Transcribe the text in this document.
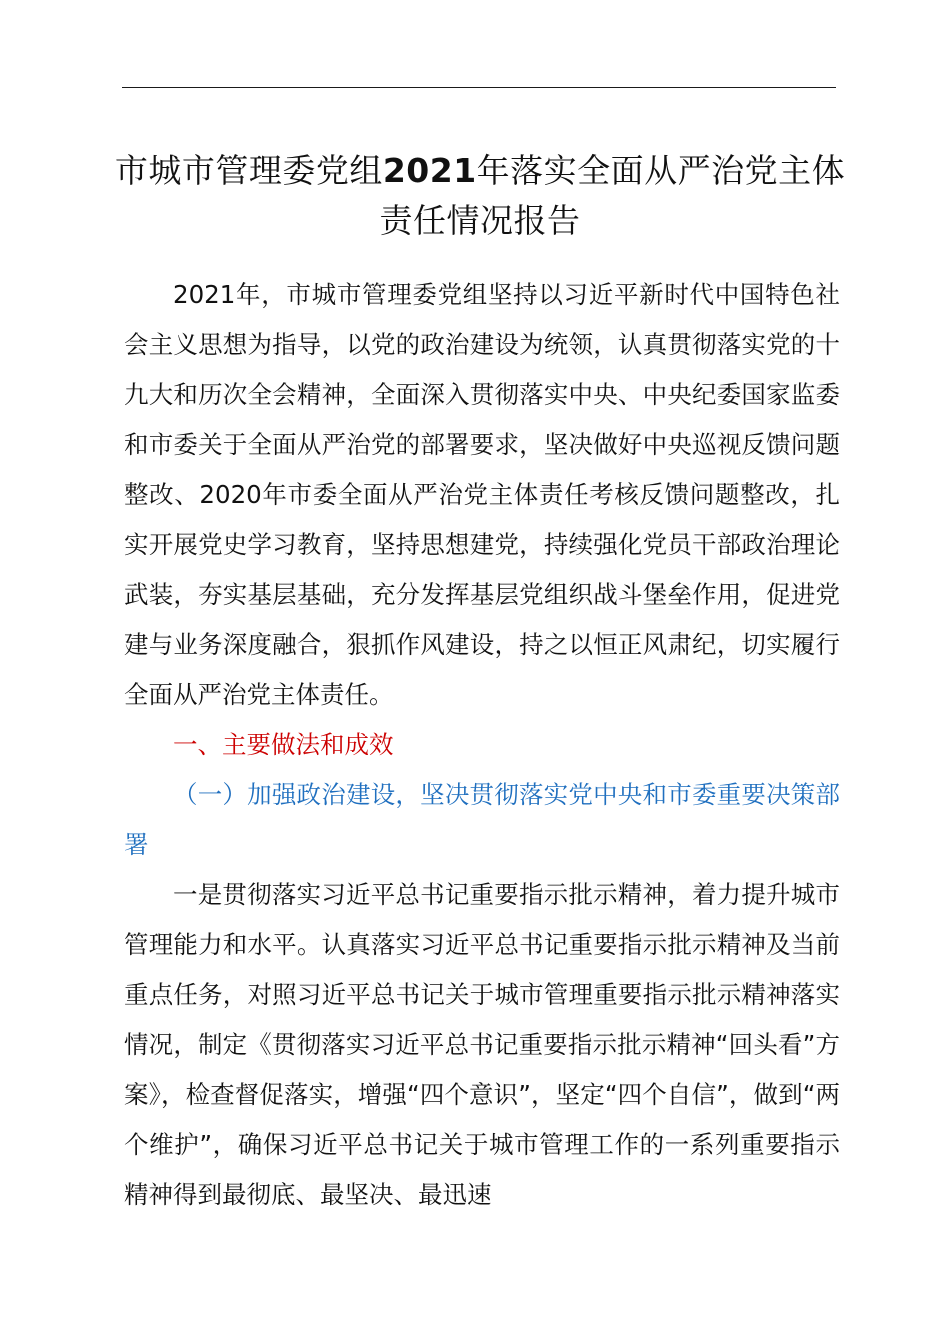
市城市管理委党组2021年落实全面从严治党主体责任情况报告

2021年，市城市管理委党组坚持以习近平新时代中国特色社会主义思想为指导，以党的政治建设为统领，认真贯彻落实党的十九大和历次全会精神，全面深入贯彻落实中央、中央纪委国家监委和市委关于全面从严治党的部署要求，坚决做好中央巡视反馈问题整改、2020年市委全面从严治党主体责任考核反馈问题整改，扎实开展党史学习教育，坚持思想建党，持续强化党员干部政治理论武装，夯实基层基础，充分发挥基层党组织战斗堡垒作用，促进党建与业务深度融合，狠抓作风建设，持之以恒正风肃纪，切实履行全面从严治党主体责任。

一、主要做法和成效

（一）加强政治建设，坚决贯彻落实党中央和市委重要决策部署

一是贯彻落实习近平总书记重要指示批示精神，着力提升城市管理能力和水平。认真落实习近平总书记重要指示批示精神及当前重点任务，对照习近平总书记关于城市管理重要指示批示精神落实情况，制定《贯彻落实习近平总书记重要指示批示精神“回头看”方案》，检查督促落实，增强“四个意识”，坚定“四个自信”，做到“两个维护”，确保习近平总书记关于城市管理工作的一系列重要指示精神得到最彻底、最坚决、最迅速
